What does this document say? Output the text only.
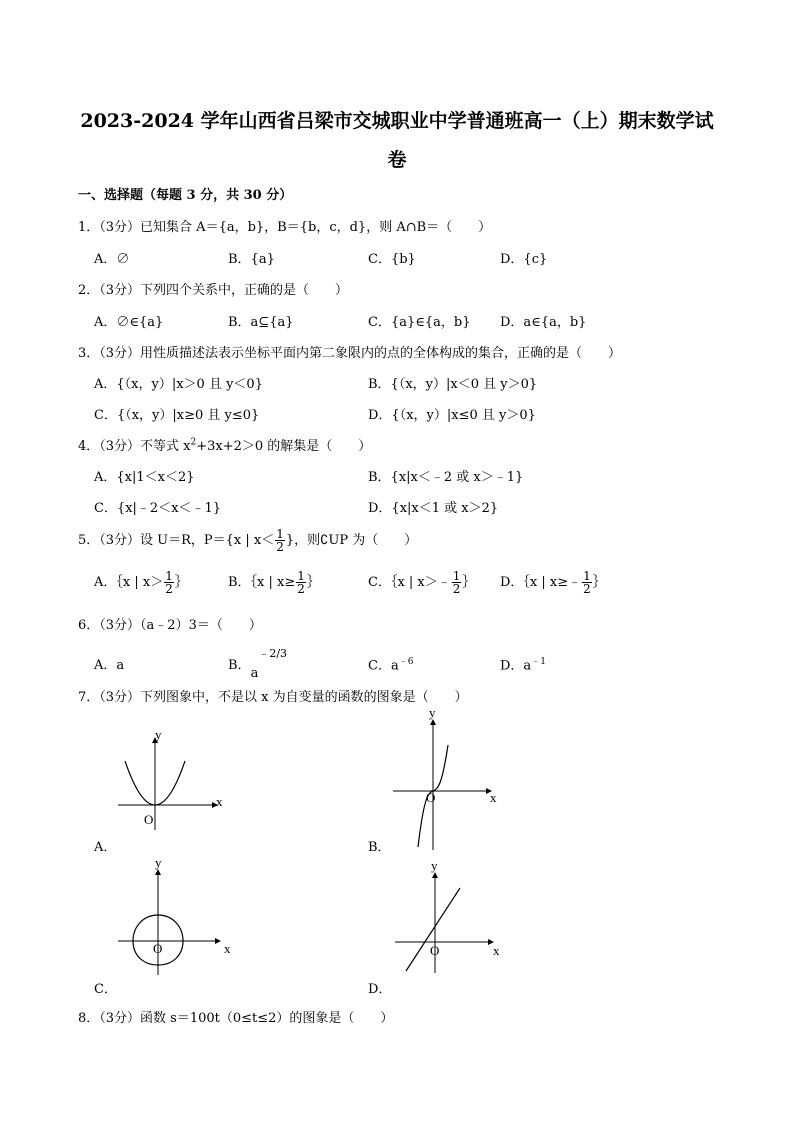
2023-2024 学年山西省吕梁市交城职业中学普通班高一（上）期末数学试
卷
一、选择题（每题 3 分，共 30 分）
1．（3分）已知集合 A＝{a，b}，B＝{b，c，d}，则 A∩B＝（　　）
A．∅	B．{a}	C．{b}	D．{c}
2．（3分）下列四个关系中，正确的是（　　）
A．∅∈{a}	B．a⊆{a}	C．{a}∈{a，b} D．a∈{a，b}
3．（3分）用性质描述法表示坐标平面内第二象限内的点的全体构成的集合，正确的是（　　）
A．{（x，y）|x＞0 且 y＜0}	B．{（x，y）|x＜0 且 y＞0}
C．{（x，y）|x≥0 且 y≤0}	D．{（x，y）|x≤0 且 y＞0}
4．（3分）不等式 $x^2+3x+2>0$ 的解集是（　　）
A．{x|1＜x＜2}	B．{x|x＜﹣2 或 x＞﹣1}
C．{x|﹣2＜x＜﹣1}	D．{x|x＜1 或 x＞2}
5．（3分）设 U＝R，P＝{x | $x< \frac{1}{2}$ }，则∁UP 为（　　）
A．｛x | $x> \frac{1}{2}$ ｝	B．｛x | $x\ge \frac{1}{2}$ ｝	C．｛x | x＞﹣ $\frac{1}{2}$ ｝ D．｛x | x≥﹣ $\frac{1}{2}$ ｝
6．（3分）（a﹣2）3＝（　　）
A．a	B．$a^{﹣2/3}$
C．$a^{﹣6}$	D．$a^{﹣1}$
7．（3分）下列图象中，不是以 x 为自变量的函数的图象是（　　）
x
y
O
A．
x
y
O
B．
x
y
O
C．
x
y
O
D．
8．（3分）函数 s＝100t（0≤t≤2）的图象是（　　）
